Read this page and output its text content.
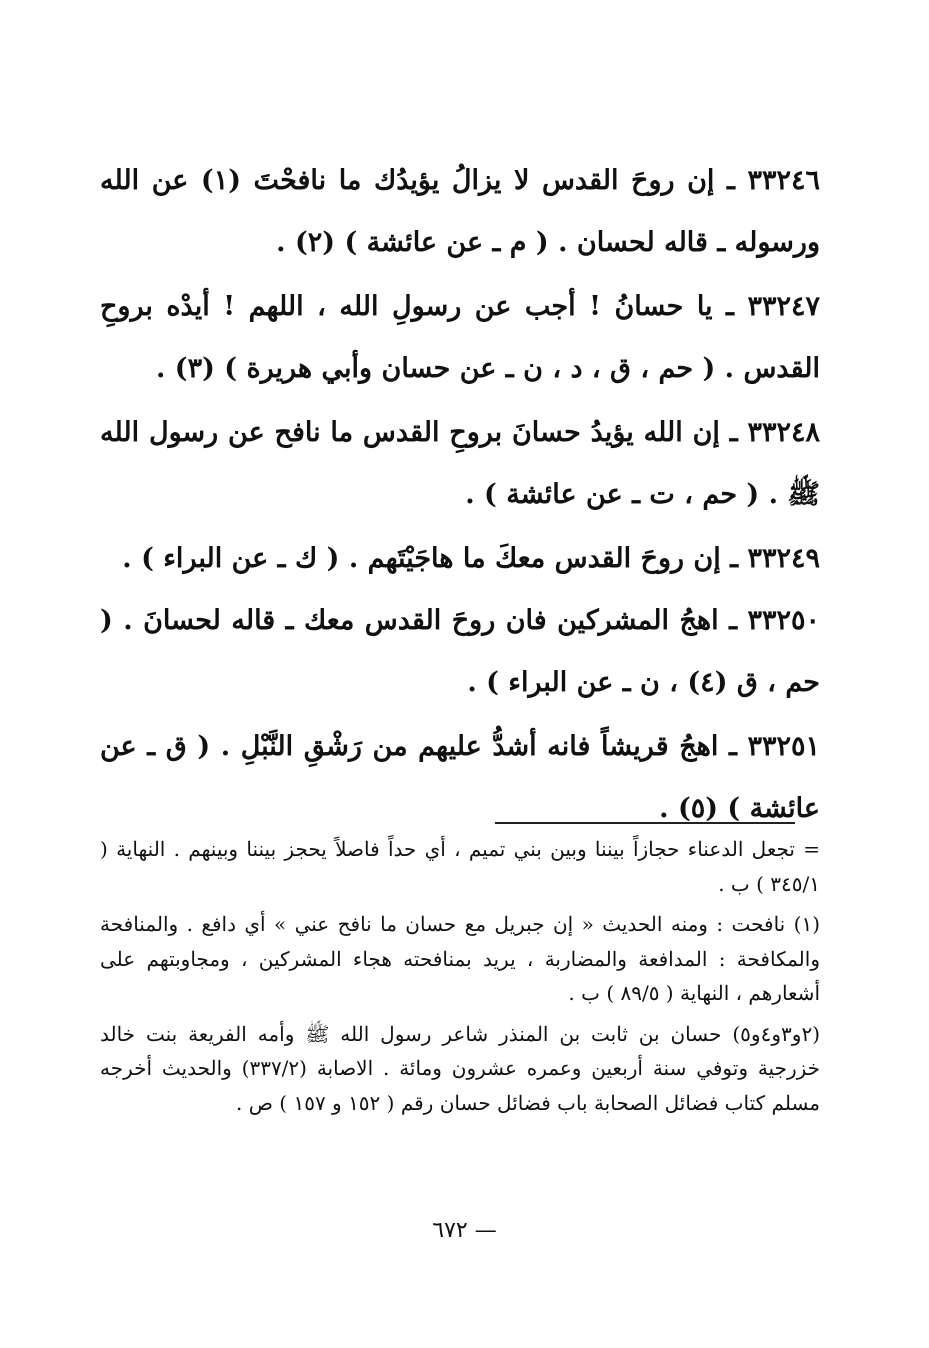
٣٣٢٤٦ ـ إن روحَ القدس لا يزالُ يؤيدُك ما نافحْتَ (١) عن الله ورسوله ـ قاله لحسان . ( م ـ عن عائشة ) (٢) .

٣٣٢٤٧ ـ يا حسانُ ! أجب عن رسولِ الله ، اللهم ! أيدْه بروحِ القدس . ( حم ، ق ، د ، ن ـ عن حسان وأبي هريرة ) (٣) .

٣٣٢٤٨ ـ إن الله يؤيدُ حسانَ بروحِ القدس ما نافح عن رسول الله ﷺ . ( حم ، ت ـ عن عائشة ) .

٣٣٢٤٩ ـ إن روحَ القدس معكَ ما هاجَيْتَهم . ( ك ـ عن البراء ) .

٣٣٢٥٠ ـ اهجُ المشركين فان روحَ القدس معك ـ قاله لحسانَ . ( حم ، ق (٤) ، ن ـ عن البراء ) .

٣٣٢٥١ ـ اهجُ قريشاً فانه أشدُّ عليهم من رَشْقِ النَّبْلِ . ( ق ـ عن عائشة ) (٥) .

= تجعل الدعناء حجازاً بيننا وبين بني تميم ، أي حداً فاصلاً يحجز بيننا وبينهم . النهاية ( ٣٤٥/١ ) ب .

(١) نافحت : ومنه الحديث « إن جبريل مع حسان ما نافح عني » أي دافع . والمنافحة والمكافحة : المدافعة والمضاربة ، يريد بمنافحته هجاء المشركين ، ومجاوبتهم على أشعارهم ، النهاية ( ٨٩/٥ ) ب .

(٢و٣و٤و٥) حسان بن ثابت بن المنذر شاعر رسول الله ﷺ وأمه الفريعة بنت خالد خزرجية وتوفي سنة أربعين وعمره عشرون ومائة . الاصابة (٣٣٧/٢) والحديث أخرجه مسلم كتاب فضائل الصحابة باب فضائل حسان رقم ( ١٥٢ و ١٥٧ ) ص .

— ٦٧٢
